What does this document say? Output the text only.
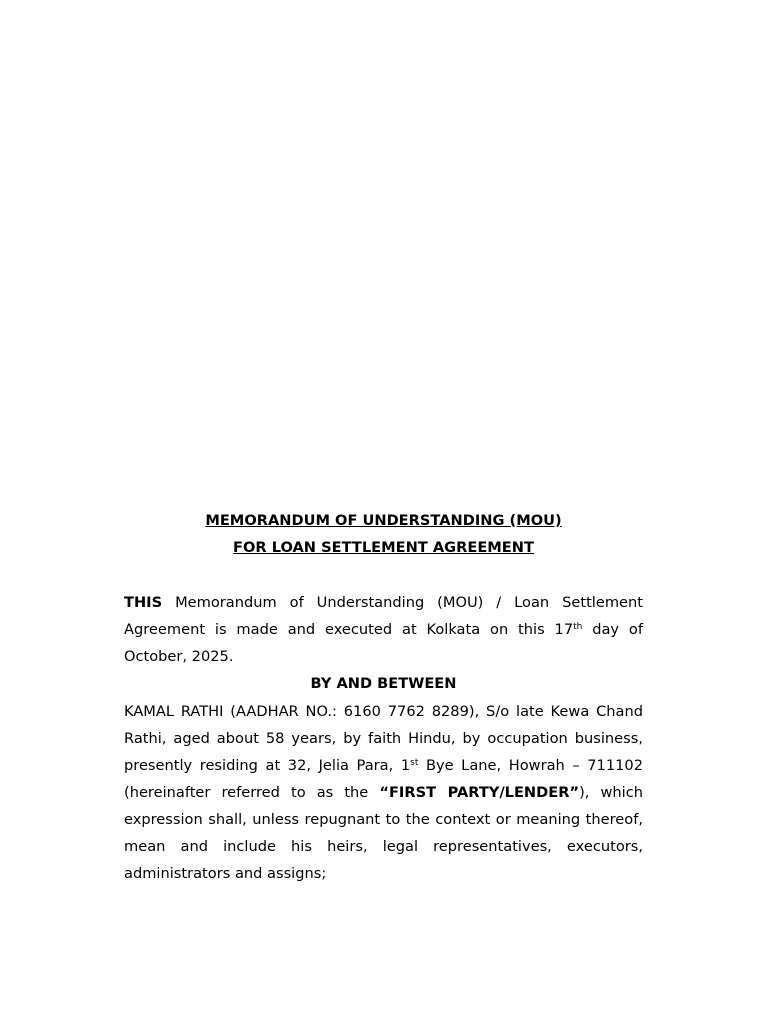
MEMORANDUM OF UNDERSTANDING (MOU)
FOR LOAN SETTLEMENT AGREEMENT

THIS Memorandum of Understanding (MOU) / Loan Settlement Agreement is made and executed at Kolkata on this 17th day of October, 2025.

BY AND BETWEEN

KAMAL RATHI (AADHAR NO.: 6160 7762 8289), S/o late Kewa Chand Rathi, aged about 58 years, by faith Hindu, by occupation business, presently residing at 32, Jelia Para, 1st Bye Lane, Howrah – 711102 (hereinafter referred to as the “FIRST PARTY/LENDER”), which expression shall, unless repugnant to the context or meaning thereof, mean and include his heirs, legal representatives, executors, administrators and assigns;
